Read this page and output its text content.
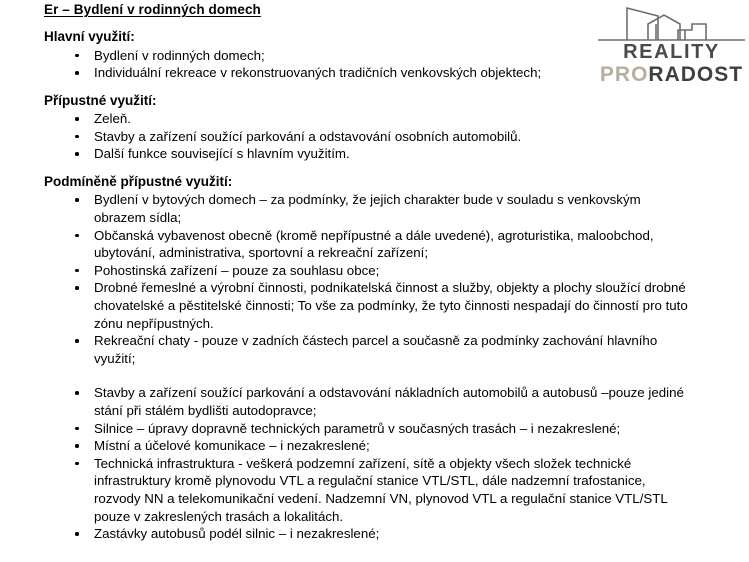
REALITY
PRORADOST
Er – Bydlení v rodinných domech
Hlavní využití:
Bydlení v rodinných domech;
Individuální rekreace v rekonstruovaných tradičních venkovských objektech;
Přípustné využití:
Zeleň.
Stavby a zařízení soužící parkování a odstavování osobních automobilů.
Další funkce související s hlavním využitím.
Podmíněně přípustné využití:
Bydlení v bytových domech – za podmínky, že jejich charakter bude v souladu s venkovským obrazem sídla;
Občanská vybavenost obecně (kromě nepřípustné a dále uvedené), agroturistika, maloobchod, ubytování, administrativa, sportovní a rekreační zařízení;
Pohostinská zařízení – pouze za souhlasu obce;
Drobné řemeslné a výrobní činnosti, podnikatelská činnost a služby, objekty a plochy sloužící drobné chovatelské a pěstitelské činnosti; To vše za podmínky, že tyto činnosti nespadají do činností pro tuto zónu nepřípustných.
Rekreační chaty - pouze v zadních částech parcel a současně za podmínky zachování hlavního využití;
Stavby a zařízení soužící parkování a odstavování nákladních automobilů a autobusů –pouze jediné stání při stálém bydlišti autodopravce;
Silnice – úpravy dopravně technických parametrů v současných trasách – i nezakreslené;
Místní a účelové komunikace – i nezakreslené;
Technická infrastruktura - veškerá podzemní zařízení, sítě a objekty všech složek technické infrastruktury kromě plynovodu VTL a regulační stanice VTL/STL, dále nadzemní trafostanice, rozvody NN a telekomunikační vedení. Nadzemní VN, plynovod VTL a regulační stanice VTL/STL pouze v zakreslených trasách a lokalitách.
Zastávky autobusů podél silnic – i nezakreslené;
